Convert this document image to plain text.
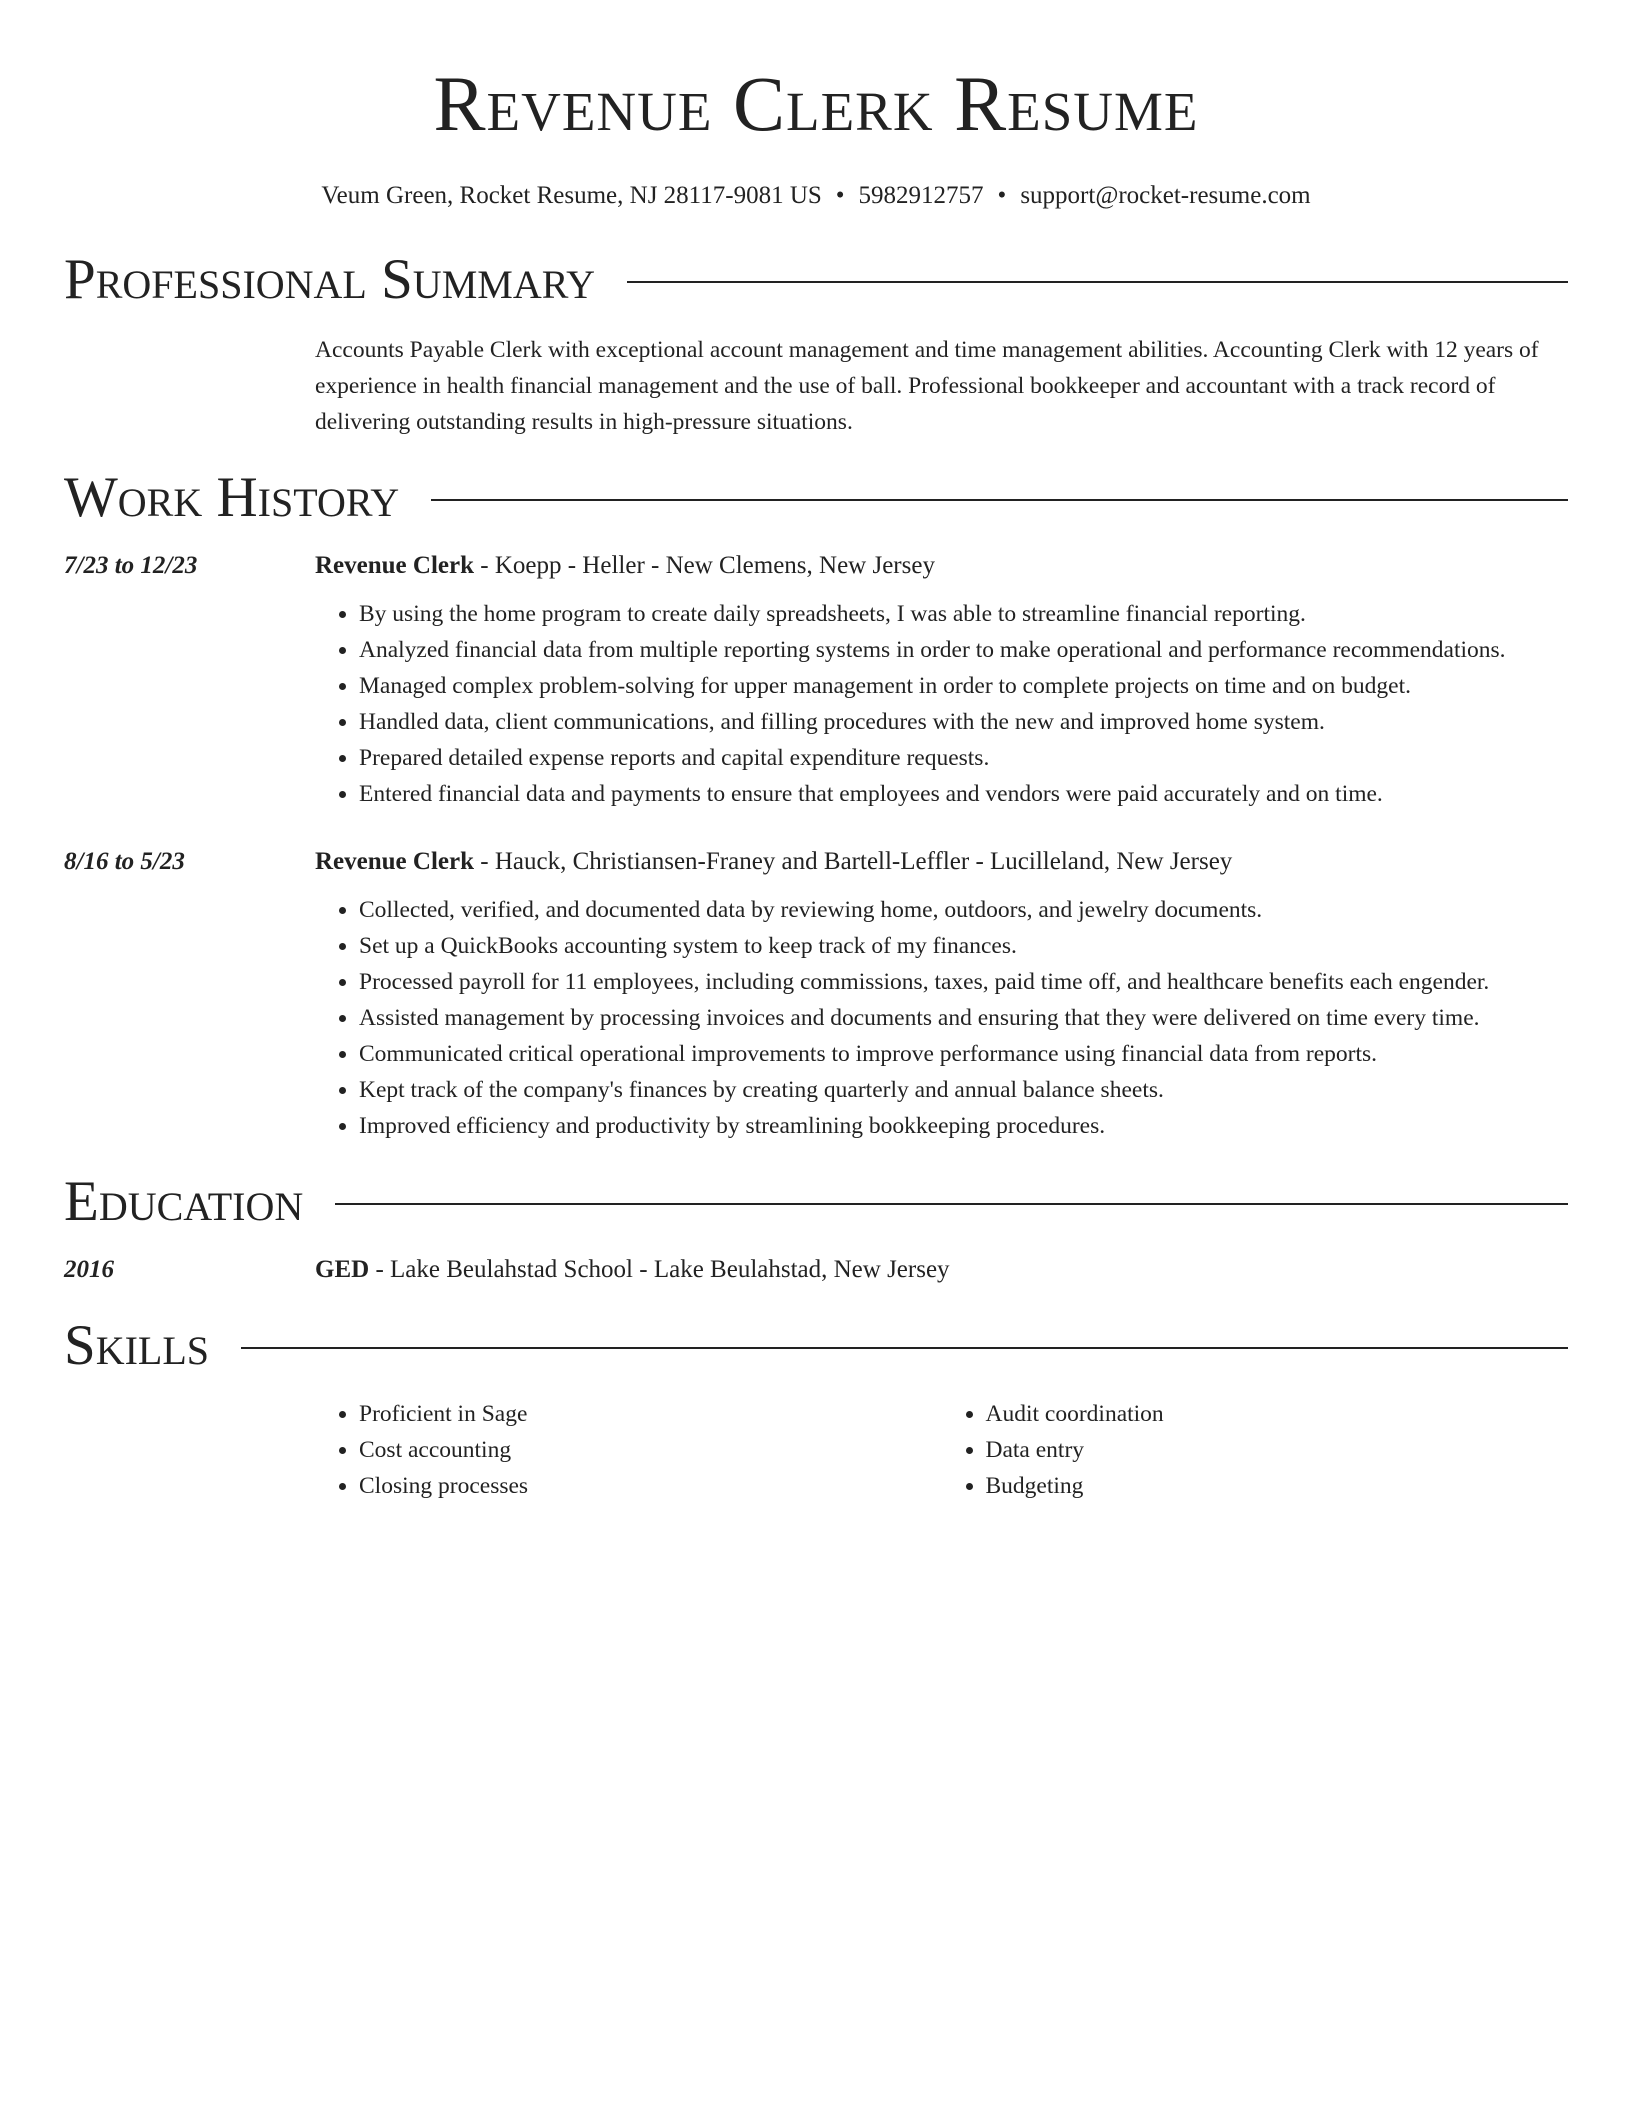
Revenue Clerk Resume
Veum Green, Rocket Resume, NJ 28117-9081 US • 5982912757 • support@rocket-resume.com
Professional Summary
Accounts Payable Clerk with exceptional account management and time management abilities. Accounting Clerk with 12 years of experience in health financial management and the use of ball. Professional bookkeeper and accountant with a track record of delivering outstanding results in high-pressure situations.
Work History
7/23 to 12/23	Revenue Clerk - Koepp - Heller - New Clemens, New Jersey
• By using the home program to create daily spreadsheets, I was able to streamline financial reporting.
• Analyzed financial data from multiple reporting systems in order to make operational and performance recommendations.
• Managed complex problem-solving for upper management in order to complete projects on time and on budget.
• Handled data, client communications, and filling procedures with the new and improved home system.
• Prepared detailed expense reports and capital expenditure requests.
• Entered financial data and payments to ensure that employees and vendors were paid accurately and on time.
8/16 to 5/23	Revenue Clerk - Hauck, Christiansen-Franey and Bartell-Leffler - Lucilleland, New Jersey
• Collected, verified, and documented data by reviewing home, outdoors, and jewelry documents.
• Set up a QuickBooks accounting system to keep track of my finances.
• Processed payroll for 11 employees, including commissions, taxes, paid time off, and healthcare benefits each engender.
• Assisted management by processing invoices and documents and ensuring that they were delivered on time every time.
• Communicated critical operational improvements to improve performance using financial data from reports.
• Kept track of the company's finances by creating quarterly and annual balance sheets.
• Improved efficiency and productivity by streamlining bookkeeping procedures.
Education
2016	GED - Lake Beulahstad School - Lake Beulahstad, New Jersey
Skills
• Proficient in Sage
• Cost accounting
• Closing processes
• Audit coordination
• Data entry
• Budgeting
